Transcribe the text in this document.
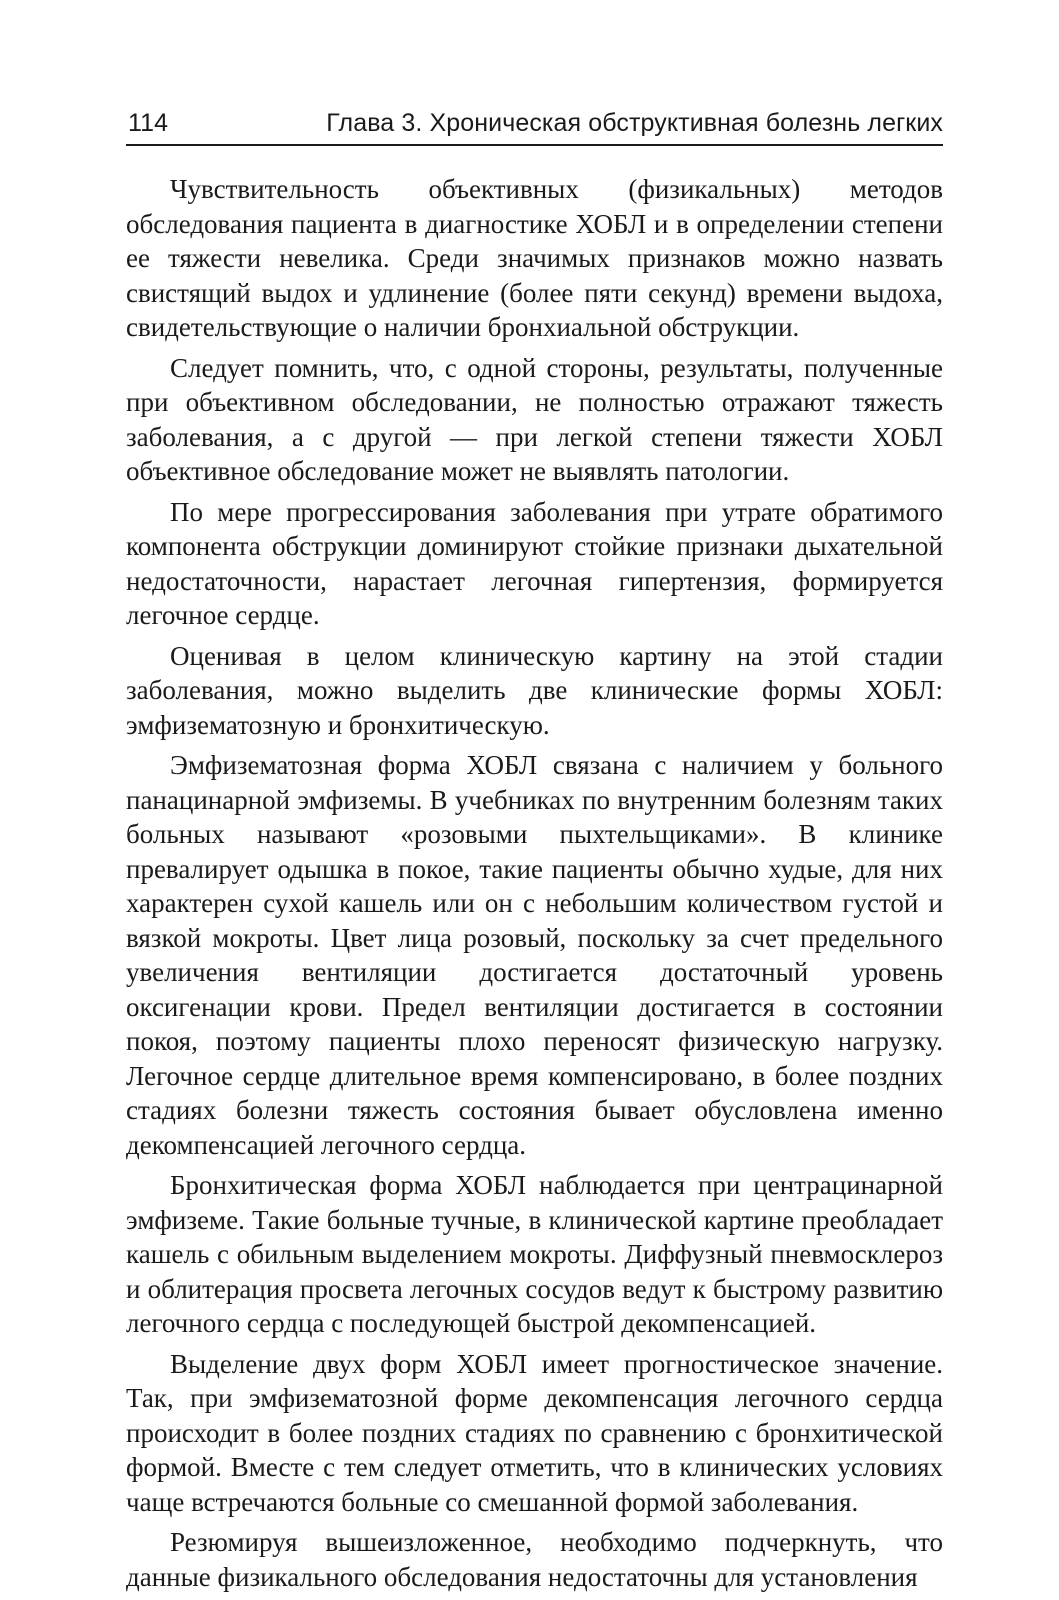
114	Глава 3. Хроническая обструктивная болезнь легких

Чувствительность объективных (физикальных) методов обследования пациента в диагностике ХОБЛ и в определении степени ее тяжести невелика. Среди значимых признаков можно назвать свистящий выдох и удлинение (более пяти секунд) времени выдоха, свидетельствующие о наличии бронхиальной обструкции.

Следует помнить, что, с одной стороны, результаты, полученные при объективном обследовании, не полностью отражают тяжесть заболевания, а с другой — при легкой степени тяжести ХОБЛ объективное обследование может не выявлять патологии.

По мере прогрессирования заболевания при утрате обратимого компонента обструкции доминируют стойкие признаки дыхательной недостаточности, нарастает легочная гипертензия, формируется легочное сердце.

Оценивая в целом клиническую картину на этой стадии заболевания, можно выделить две клинические формы ХОБЛ: эмфизематозную и бронхитическую.

Эмфизематозная форма ХОБЛ связана с наличием у больного панацинарной эмфиземы. В учебниках по внутренним болезням таких больных называют «розовыми пыхтельщиками». В клинике превалирует одышка в покое, такие пациенты обычно худые, для них характерен сухой кашель или он с небольшим количеством густой и вязкой мокроты. Цвет лица розовый, поскольку за счет предельного увеличения вентиляции достигается достаточный уровень оксигенации крови. Предел вентиляции достигается в состоянии покоя, поэтому пациенты плохо переносят физическую нагрузку. Легочное сердце длительное время компенсировано, в более поздних стадиях болезни тяжесть состояния бывает обусловлена именно декомпенсацией легочного сердца.

Бронхитическая форма ХОБЛ наблюдается при центрацинарной эмфиземе. Такие больные тучные, в клинической картине преобладает кашель с обильным выделением мокроты. Диффузный пневмосклероз и облитерация просвета легочных сосудов ведут к быстрому развитию легочного сердца с последующей быстрой декомпенсацией.

Выделение двух форм ХОБЛ имеет прогностическое значение. Так, при эмфизематозной форме декомпенсация легочного сердца происходит в более поздних стадиях по сравнению с бронхитической формой. Вместе с тем следует отметить, что в клинических условиях чаще встречаются больные со смешанной формой заболевания.

Резюмируя вышеизложенное, необходимо подчеркнуть, что данные физикального обследования недостаточны для установления
